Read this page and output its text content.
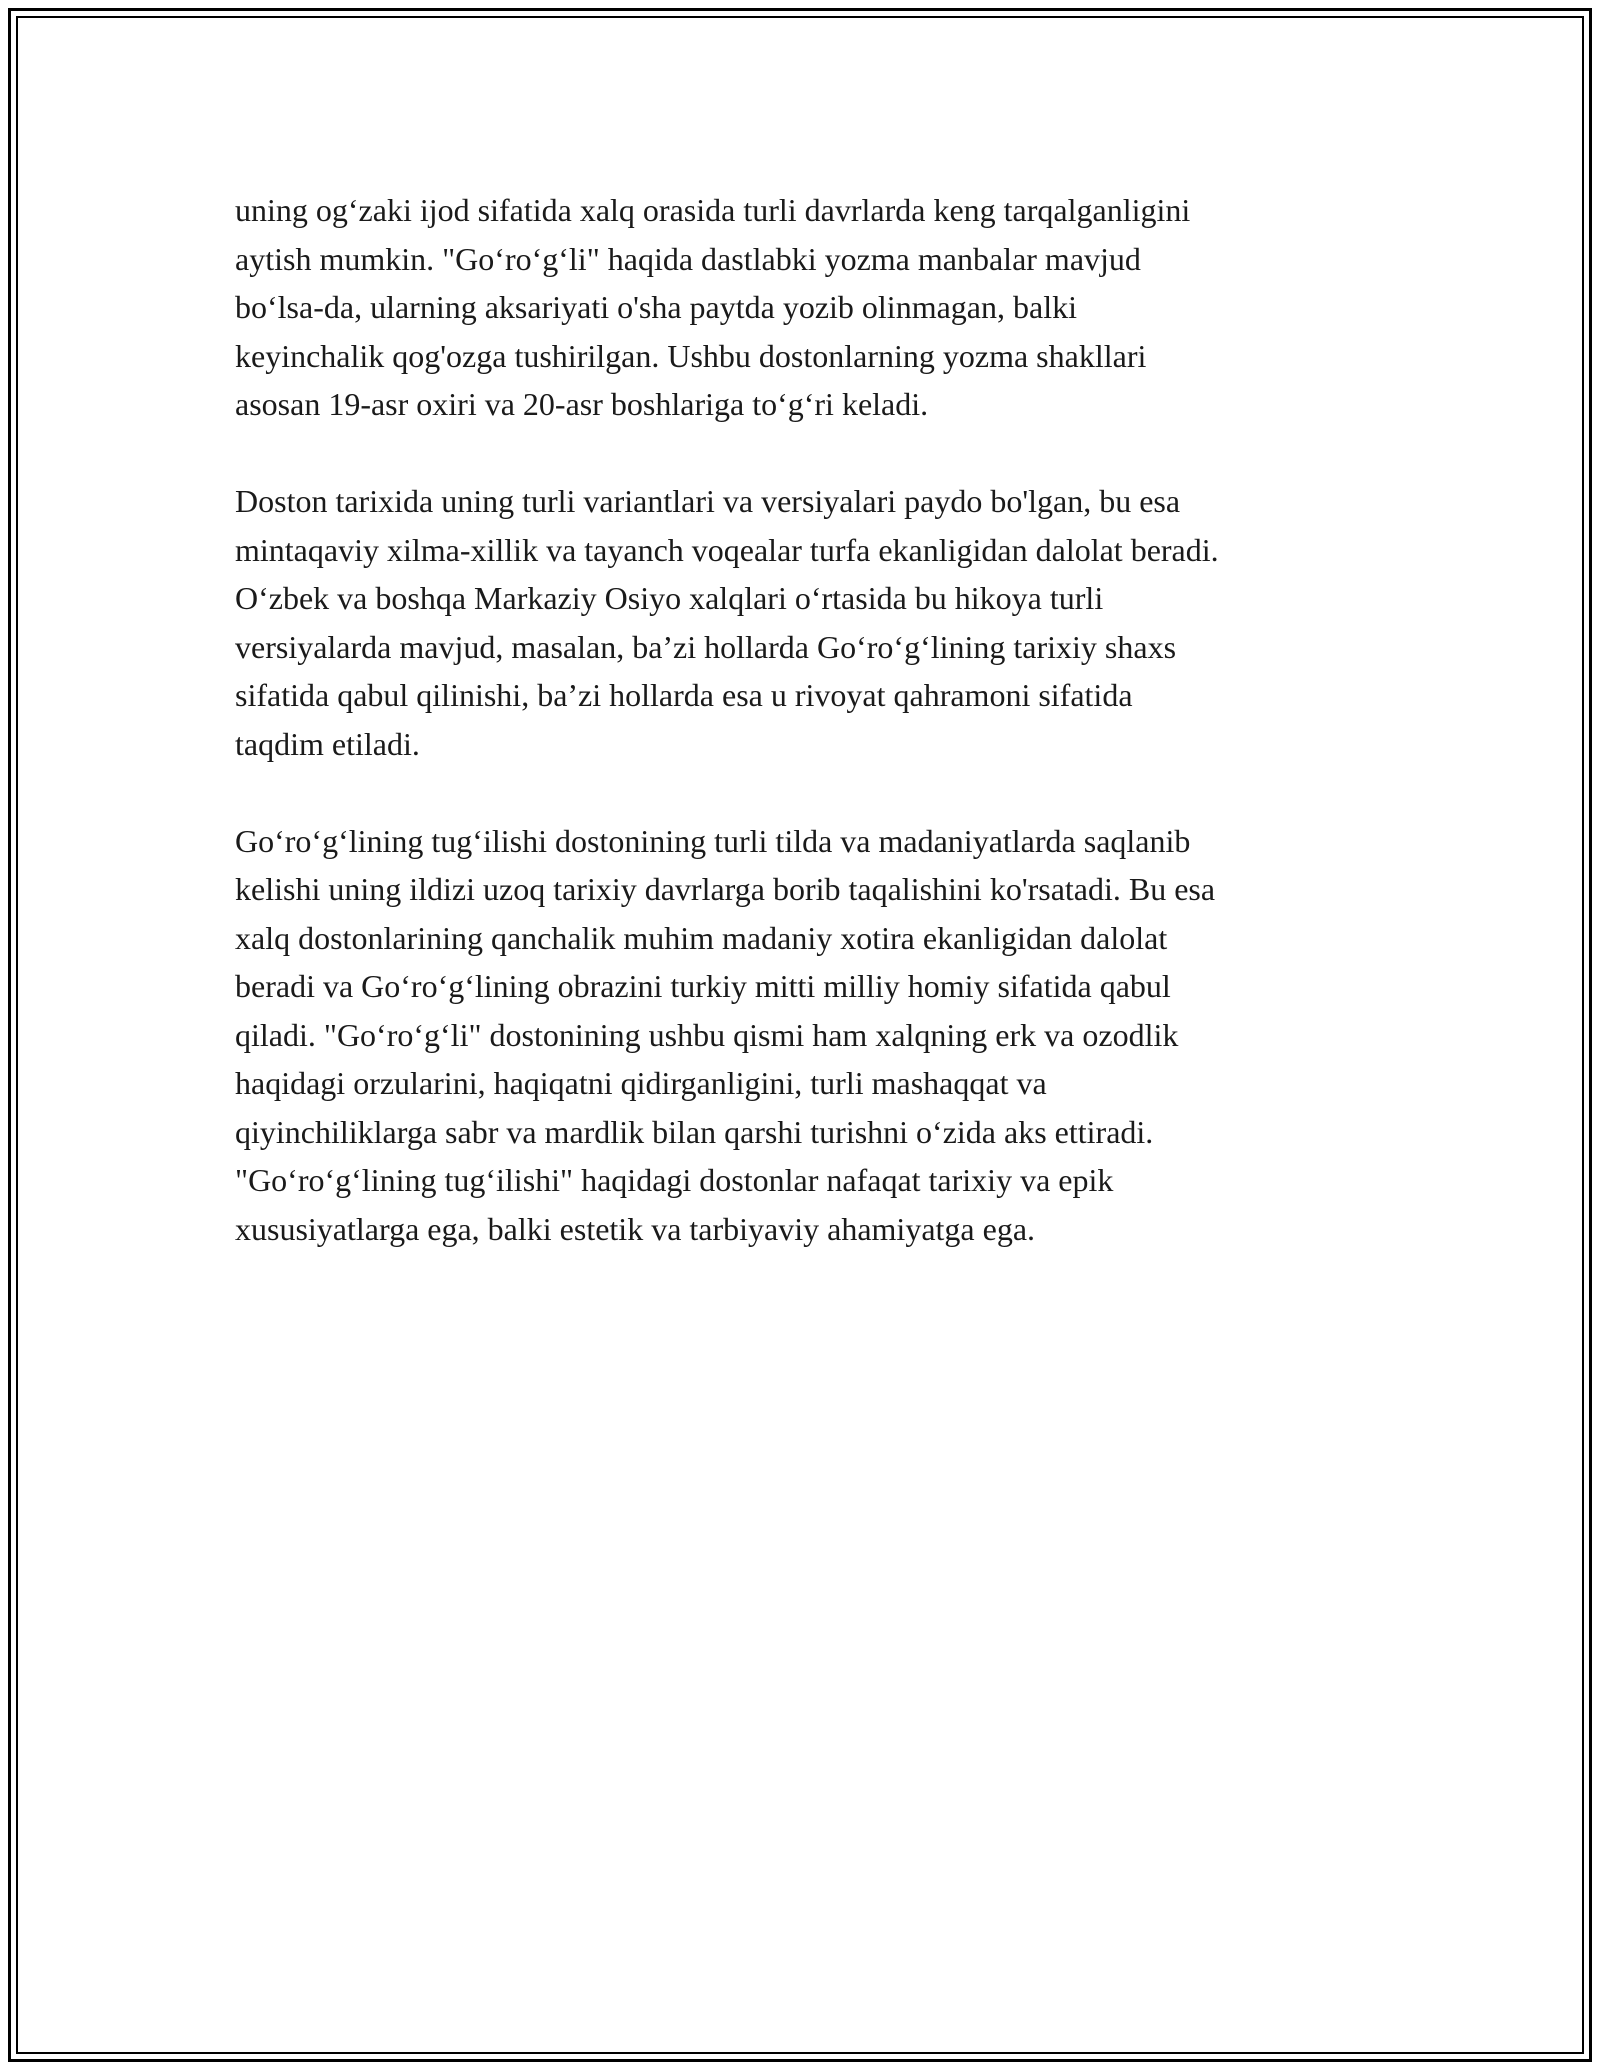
uning og‘zaki ijod sifatida xalq orasida turli davrlarda keng tarqalganligini
aytish mumkin. "Go‘ro‘g‘li" haqida dastlabki yozma manbalar mavjud
bo‘lsa-da, ularning aksariyati o'sha paytda yozib olinmagan, balki
keyinchalik qog'ozga tushirilgan. Ushbu dostonlarning yozma shakllari
asosan 19-asr oxiri va 20-asr boshlariga to‘g‘ri keladi.

Doston tarixida uning turli variantlari va versiyalari paydo bo'lgan, bu esa
mintaqaviy xilma-xillik va tayanch voqealar turfa ekanligidan dalolat beradi.
O‘zbek va boshqa Markaziy Osiyo xalqlari o‘rtasida bu hikoya turli
versiyalarda mavjud, masalan, ba’zi hollarda Go‘ro‘g‘lining tarixiy shaxs
sifatida qabul qilinishi, ba’zi hollarda esa u rivoyat qahramoni sifatida
taqdim etiladi.

Go‘ro‘g‘lining tug‘ilishi dostonining turli tilda va madaniyatlarda saqlanib
kelishi uning ildizi uzoq tarixiy davrlarga borib taqalishini ko'rsatadi. Bu esa
xalq dostonlarining qanchalik muhim madaniy xotira ekanligidan dalolat
beradi va Go‘ro‘g‘lining obrazini turkiy mitti milliy homiy sifatida qabul
qiladi. "Go‘ro‘g‘li" dostonining ushbu qismi ham xalqning erk va ozodlik
haqidagi orzularini, haqiqatni qidirganligini, turli mashaqqat va
qiyinchiliklarga sabr va mardlik bilan qarshi turishni o‘zida aks ettiradi.
"Go‘ro‘g‘lining tug‘ilishi" haqidagi dostonlar nafaqat tarixiy va epik
xususiyatlarga ega, balki estetik va tarbiyaviy ahamiyatga ega.
